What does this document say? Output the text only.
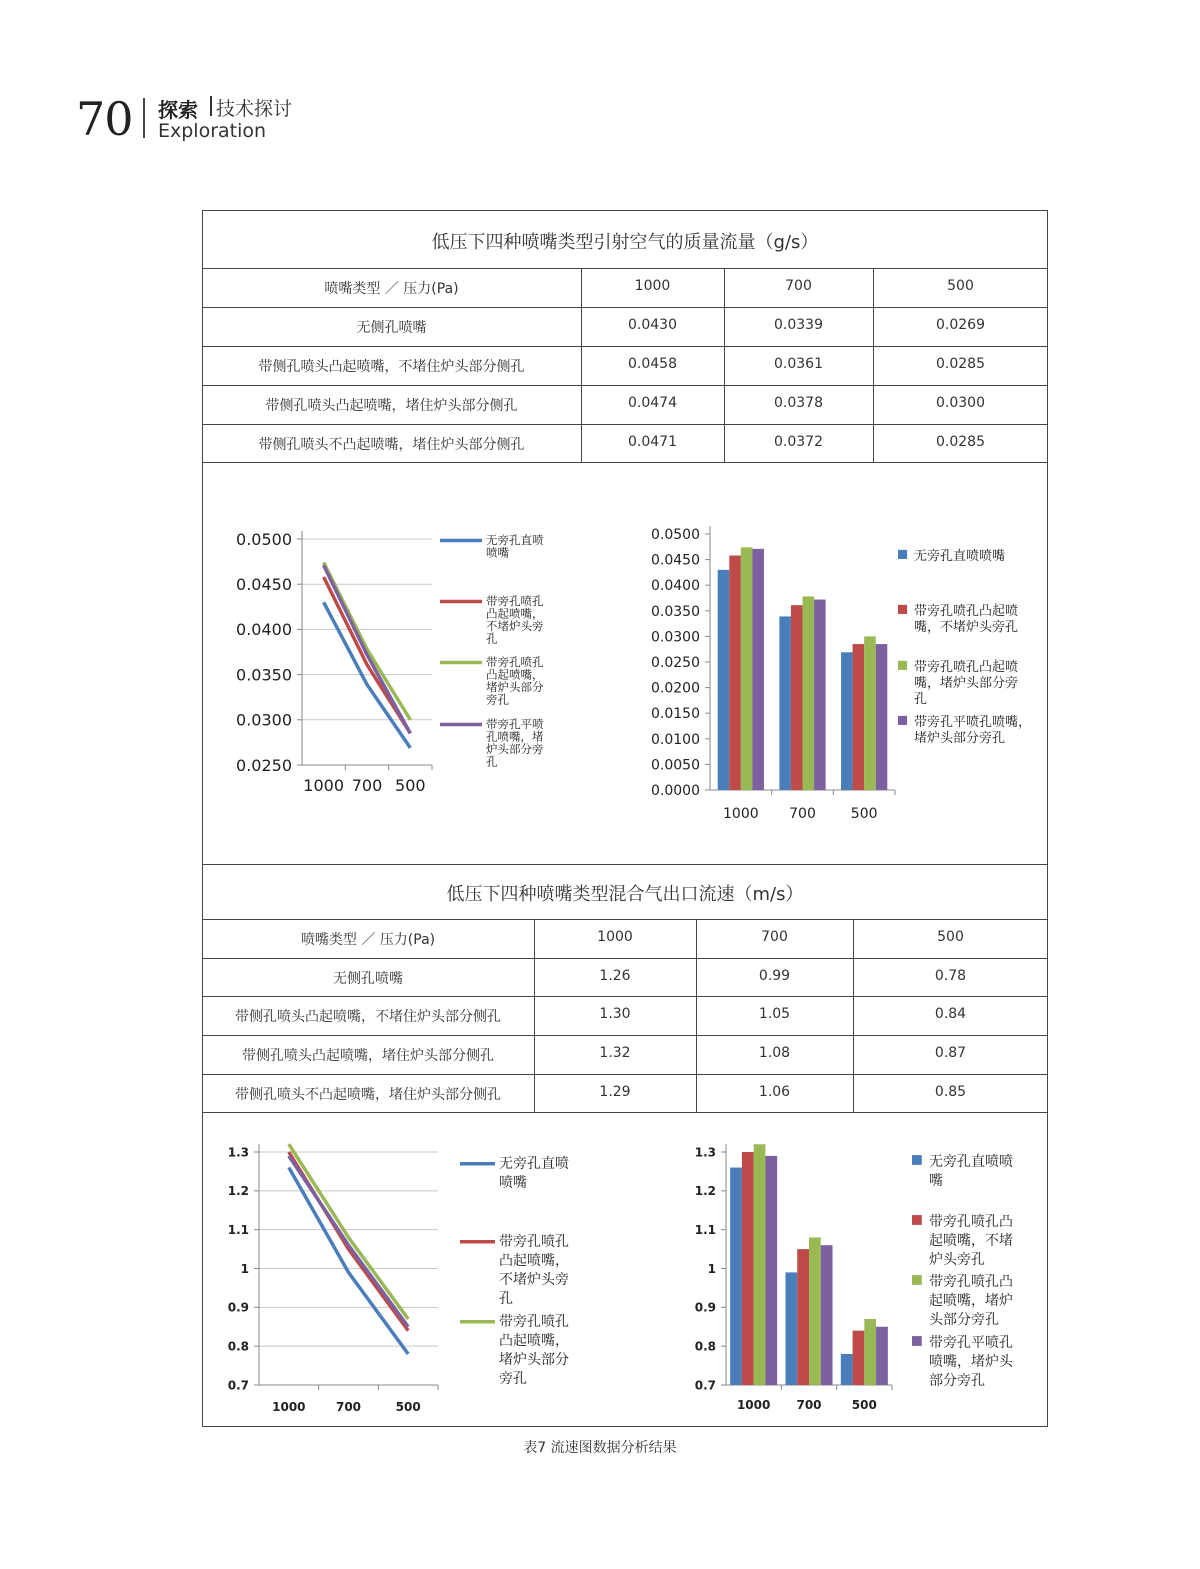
70 探索 技术探讨
Exploration
低压下四种喷嘴类型引射空气的质量流量（g/s）
喷嘴类型 ／ 压力(Pa)	1000	700	500
无侧孔喷嘴	0.0430	0.0339	0.0269
带侧孔喷头凸起喷嘴，不堵住炉头部分侧孔	0.0458	0.0361	0.0285
带侧孔喷头凸起喷嘴，堵住炉头部分侧孔	0.0474	0.0378	0.0300
带侧孔喷头不凸起喷嘴，堵住炉头部分侧孔	0.0471	0.0372	0.0285
0.0500
0.0450
0.0400
0.0350
0.0300
0.0250
1000 700 500
无旁孔直喷
喷嘴
带旁孔喷孔
凸起喷嘴，
不堵炉头旁
孔
带旁孔喷孔
凸起喷嘴，
堵炉头部分
旁孔
带旁孔平喷
孔喷嘴，堵
炉头部分旁
孔
0.0500
0.0450
0.0400
0.0350
0.0300
0.0250
0.0200
0.0150
0.0100
0.0050
0.0000
1000 700 500
无旁孔直喷喷嘴
带旁孔喷孔凸起喷
嘴，不堵炉头旁孔
带旁孔喷孔凸起喷
嘴，堵炉头部分旁
孔
带旁孔平喷孔喷嘴，
堵炉头部分旁孔
低压下四种喷嘴类型混合气出口流速（m/s）
喷嘴类型 ／ 压力(Pa)	1000	700	500
无侧孔喷嘴	1.26	0.99	0.78
带侧孔喷头凸起喷嘴，不堵住炉头部分侧孔	1.30	1.05	0.84
带侧孔喷头凸起喷嘴，堵住炉头部分侧孔	1.32	1.08	0.87
带侧孔喷头不凸起喷嘴，堵住炉头部分侧孔	1.29	1.06	0.85
1.3
1.2
1.1
1
0.9
0.8
0.7
1000	700	500
无旁孔直喷
喷嘴
带旁孔喷孔
凸起喷嘴，
不堵炉头旁
孔
带旁孔喷孔
凸起喷嘴，
堵炉头部分
旁孔
1.3
1.2
1.1
1
0.9
0.8
0.7
1000 700	500
无旁孔直喷喷
嘴
带旁孔喷孔凸
起喷嘴，不堵
炉头旁孔
带旁孔喷孔凸
起喷嘴，堵炉
头部分旁孔
带旁孔平喷孔
喷嘴，堵炉头
部分旁孔
表7 流速图数据分析结果
